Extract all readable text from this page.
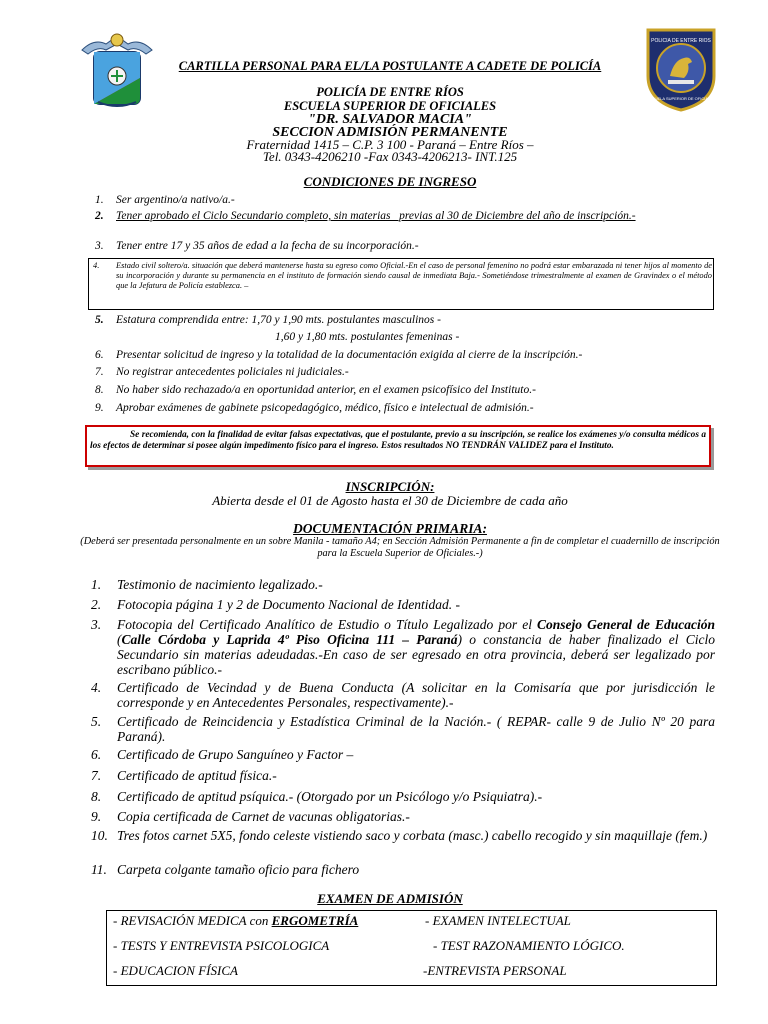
POLICIA DE ENTRE RIOS
ESCUELA SUPERIOR DE OFICIALES
CARTILLA PERSONAL PARA EL/LA POSTULANTE A CADETE DE POLICÍA
POLICÍA DE ENTRE RÍOS
ESCUELA SUPERIOR DE OFICIALES
"DR. SALVADOR MACIA"
SECCION ADMISIÓN PERMANENTE
Fraternidad 1415 – C.P. 3 100 - Paraná – Entre Ríos –
Tel. 0343-4206210 -Fax 0343-4206213- INT.125
CONDICIONES DE INGRESO
1. Ser argentino/a nativo/a.-
2. Tener aprobado el Ciclo Secundario completo, sin materias _previas al 30 de Diciembre del año de inscripción.-
3. Tener entre 17 y 35 años de edad a la fecha de su incorporación.-
4. Estado civil soltero/a. situación que deberá mantenerse hasta su egreso como Oficial.-En el caso de personal femenino no podrá estar embarazada ni tener hijos al momento de su incorporación y durante su permanencia en el instituto de formación siendo causal de inmediata Baja.- Sometiéndose trimestralmente al examen de Gravindex o el método que la Jefatura de Policía establezca. –
5. Estatura comprendida entre: 1,70 y 1,90 mts. postulantes masculinos -
1,60 y 1,80 mts. postulantes femeninas -
6. Presentar solicitud de ingreso y la totalidad de la documentación exigida al cierre de la inscripción.-
7. No registrar antecedentes policiales ni judiciales.-
8. No haber sido rechazado/a en oportunidad anterior, en el examen psicofísico del Instituto.-
9. Aprobar exámenes de gabinete psicopedagógico, médico, físico e intelectual de admisión.-
Se recomienda, con la finalidad de evitar falsas expectativas, que el postulante, previo a su inscripción, se realice los exámenes y/o consulta médicos a los efectos de determinar si posee algún impedimento físico para el ingreso. Estos resultados NO TENDRÁN VALIDEZ para el Instituto.
INSCRIPCIÓN:
Abierta desde el 01 de Agosto hasta el 30 de Diciembre de cada año
DOCUMENTACIÓN PRIMARIA:
(Deberá ser presentada personalmente en un sobre Manila - tamaño A4; en Sección Admisión Permanente a fin de completar el cuadernillo de inscripción para la Escuela Superior de Oficiales.-)
1. Testimonio de nacimiento legalizado.-
2. Fotocopia página 1 y 2 de Documento Nacional de Identidad. -
3. Fotocopia del Certificado Analítico de Estudio o Título Legalizado por el Consejo General de Educación (Calle Córdoba y Laprida 4º Piso Oficina 111 – Paraná) o constancia de haber finalizado el Ciclo Secundario sin materias adeudadas.-En caso de ser egresado en otra provincia, deberá ser legalizado por escribano público.-
4. Certificado de Vecindad y de Buena Conducta (A solicitar en la Comisaría que por jurisdicción le corresponde y en Antecedentes Personales, respectivamente).-
5. Certificado de Reincidencia y Estadística Criminal de la Nación.- ( REPAR- calle 9 de Julio Nº 20 para Paraná).
6. Certificado de Grupo Sanguíneo y Factor –
7. Certificado de aptitud física.-
8. Certificado de aptitud psíquica.- (Otorgado por un Psicólogo y/o Psiquiatra).-
9. Copia certificada de Carnet de vacunas obligatorias.-
10. Tres fotos carnet 5X5, fondo celeste vistiendo saco y corbata (masc.) cabello recogido y sin maquillaje (fem.)
11. Carpeta colgante tamaño oficio para fichero
EXAMEN DE ADMISIÓN
- REVISACIÓN MEDICA con ERGOMETRÍA	- EXAMEN INTELECTUAL
- TESTS Y ENTREVISTA PSICOLOGICA	- TEST RAZONAMIENTO LÓGICO.
- EDUCACION FÍSICA	-ENTREVISTA PERSONAL
